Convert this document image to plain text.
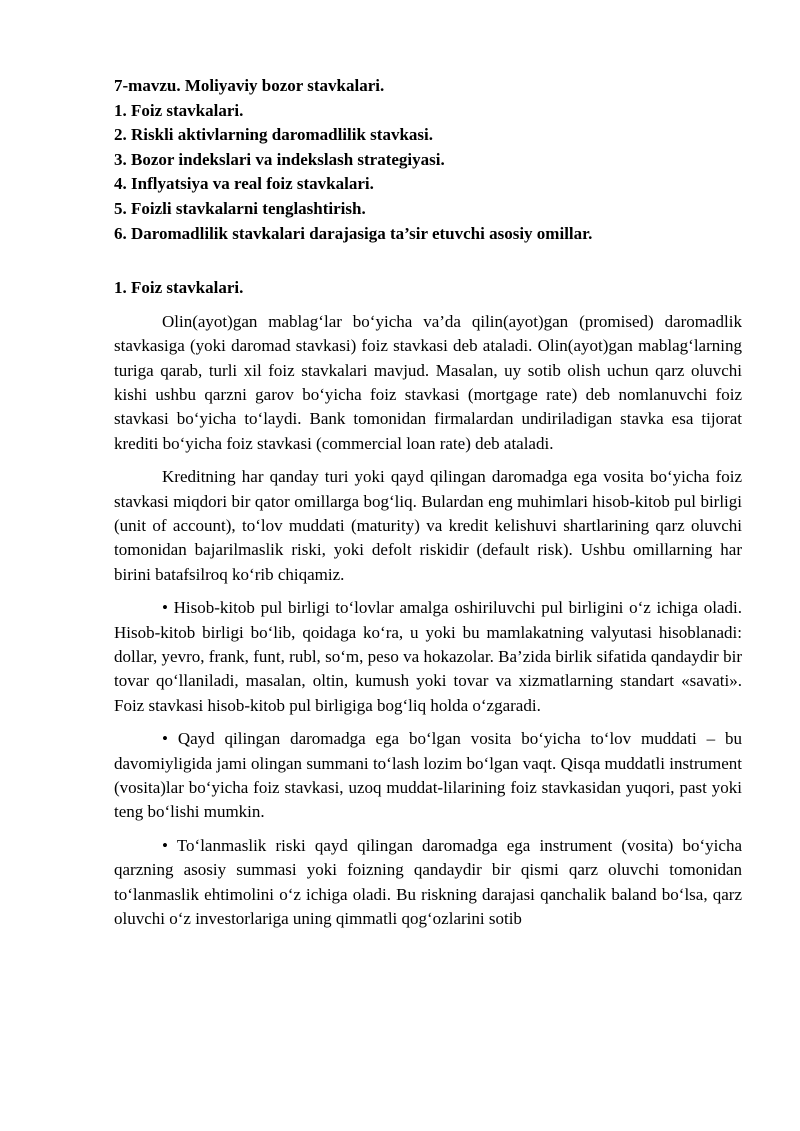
7-mavzu. Moliyaviy bozor stavkalari.
1. Foiz stavkalari.
2. Riskli aktivlarning daromadlilik stavkasi.
3. Bozor indekslari va indekslash strategiyasi.
4. Inflyatsiya va real foiz stavkalari.
5. Foizli stavkalarni tenglashtirish.
6. Daromadlilik stavkalari darajasiga ta’sir etuvchi asosiy omillar.
1. Foiz stavkalari.

Olin(ayot)gan mablag‘lar bo‘yicha va’da qilin(ayot)gan (promised) daromadlik stavkasiga (yoki daromad stavkasi) foiz stavkasi deb ataladi. Olin(ayot)gan mablag‘larning turiga qarab, turli xil foiz stavkalari mavjud. Masalan, uy sotib olish uchun qarz oluvchi kishi ushbu qarzni garov bo‘yicha foiz stavkasi (mortgage rate) deb nomlanuvchi foiz stavkasi bo‘yicha to‘laydi. Bank tomonidan firmalardan undiriladigan stavka esa tijorat krediti bo‘yicha foiz stavkasi (commercial loan rate) deb ataladi.

Kreditning har qanday turi yoki qayd qilingan daromadga ega vosita bo‘yicha foiz stavkasi miqdori bir qator omillarga bog‘liq. Bulardan eng muhimlari hisob-kitob pul birligi (unit of account), to‘lov muddati (maturity) va kredit kelishuvi shartlarining qarz oluvchi tomonidan bajarilmaslik riski, yoki defolt riskidir (default risk). Ushbu omillarning har birini batafsilroq ko‘rib chiqamiz.

• Hisob-kitob pul birligi to‘lovlar amalga oshiriluvchi pul birligini o‘z ichiga oladi. Hisob-kitob birligi bo‘lib, qoidaga ko‘ra, u yoki bu mamlakatning valyutasi hisoblanadi: dollar, yevro, frank, funt, rubl, so‘m, peso va hokazolar. Ba’zida birlik sifatida qandaydir bir tovar qo‘llaniladi, masalan, oltin, kumush yoki tovar va xizmatlarning standart «savati». Foiz stavkasi hisob-kitob pul birligiga bog‘liq holda o‘zgaradi.

• Qayd qilingan daromadga ega bo‘lgan vosita bo‘yicha to‘lov muddati – bu davomiyligida jami olingan summani to‘lash lozim bo‘lgan vaqt. Qisqa muddatli instrument (vosita)lar bo‘yicha foiz stavkasi, uzoq muddat-lilarining foiz stavkasidan yuqori, past yoki teng bo‘lishi mumkin.

• To‘lanmaslik riski qayd qilingan daromadga ega instrument (vosita) bo‘yicha qarzning asosiy summasi yoki foizning qandaydir bir qismi qarz oluvchi tomonidan to‘lanmaslik ehtimolini o‘z ichiga oladi. Bu riskning darajasi qanchalik baland bo‘lsa, qarz oluvchi o‘z investorlariga uning qimmatli qog‘ozlarini sotib
